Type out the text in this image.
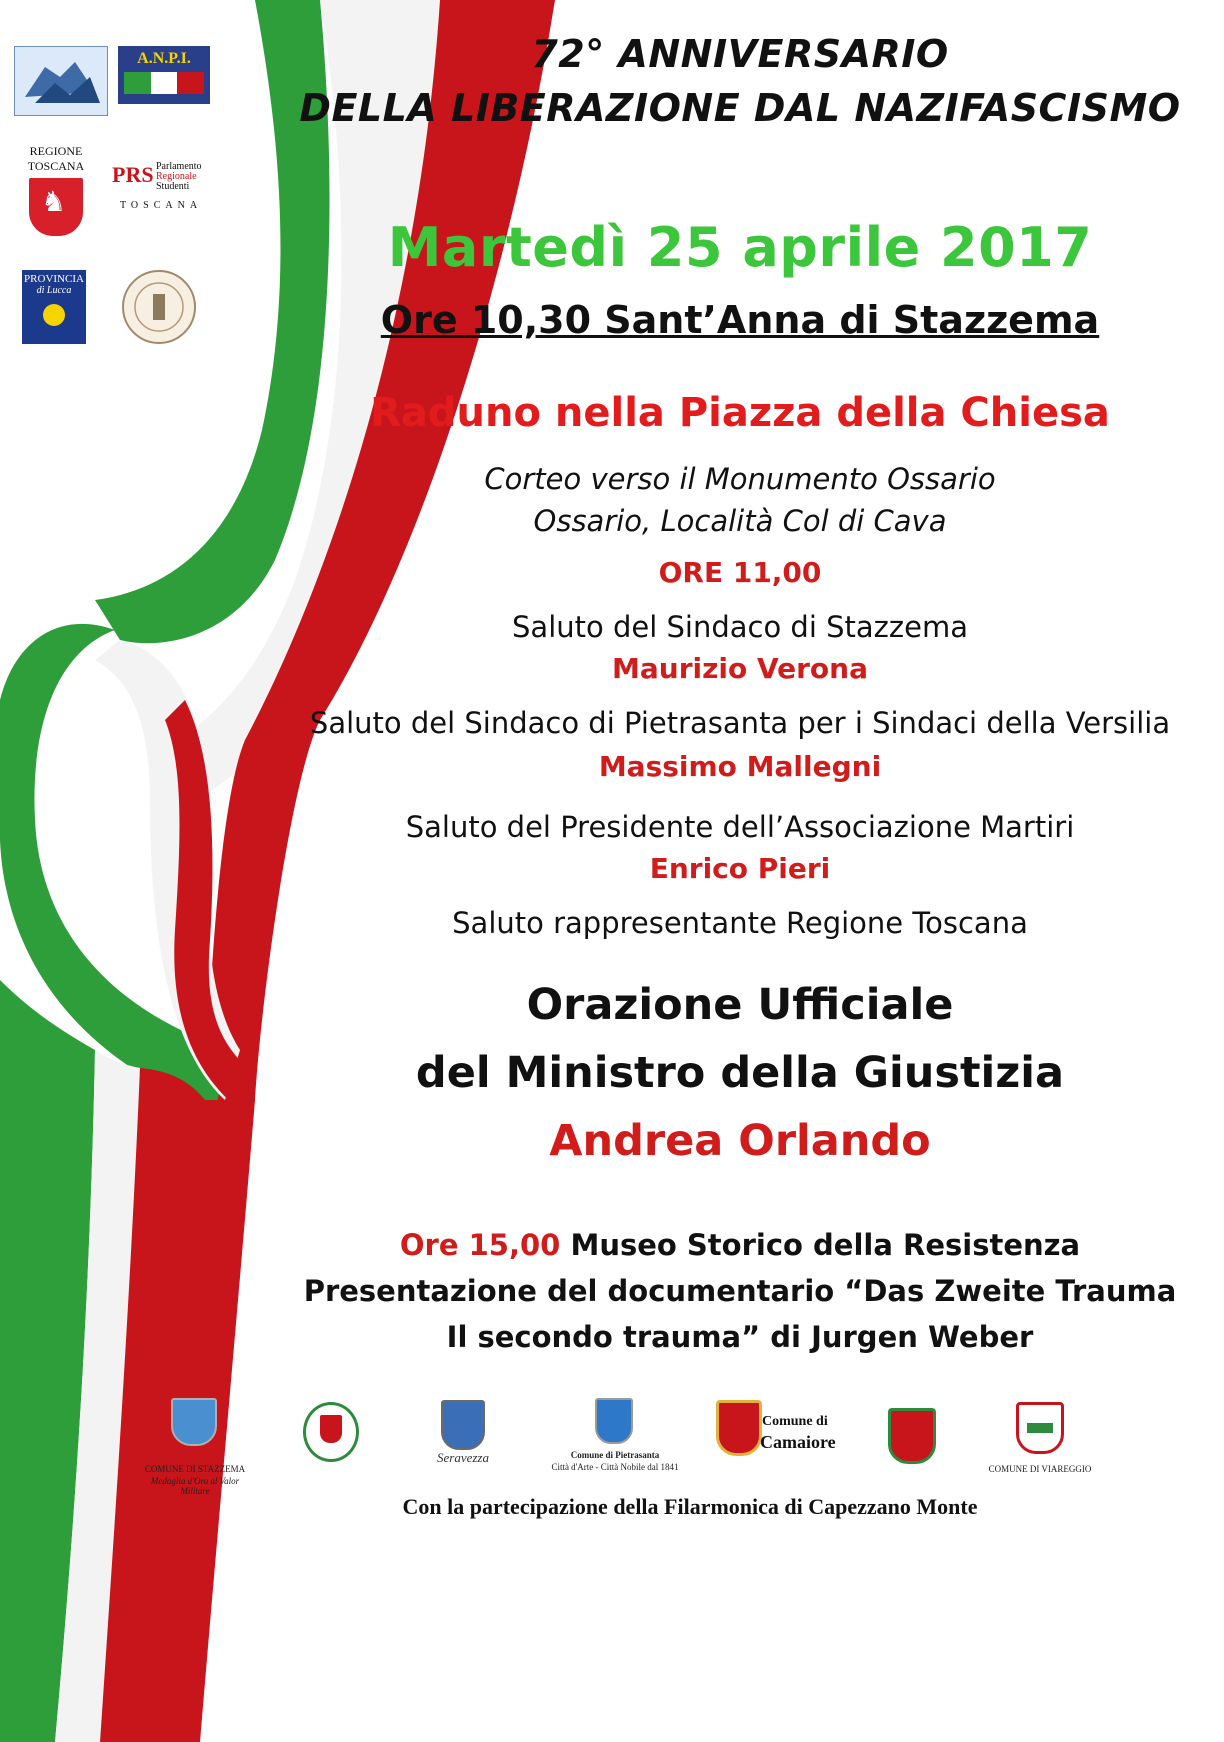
A.N.P.I.
REGIONE
TOSCANA
♞
PRS Parlamento
Regionale
Studenti
TOSCANA
PROVINCIA
di Lucca
72° ANNIVERSARIO
DELLA LIBERAZIONE DAL NAZIFASCISMO
Martedì 25 aprile 2017
Ore 10,30 Sant’Anna di Stazzema
Raduno nella Piazza della Chiesa
Corteo verso il Monumento Ossario
Ossario, Località Col di Cava
ORE 11,00
Saluto del Sindaco di Stazzema
Maurizio Verona
Saluto del Sindaco di Pietrasanta per i Sindaci della Versilia
Massimo Mallegni
Saluto del Presidente dell’Associazione Martiri
Enrico Pieri
Saluto rappresentante Regione Toscana
Orazione Ufficiale
del Ministro della Giustizia
Andrea Orlando
Ore 15,00 Museo Storico della Resistenza
Presentazione del documentario “Das Zweite Trauma
Il secondo trauma” di Jurgen Weber
COMUNE DI STAZZEMA
Medaglia d'Oro al Valor Militare
Seravezza	Comune di Pietrasanta
Città d'Arte - Città Nobile dal 1841
Comune di
Camaiore
COMUNE DI VIAREGGIO
Con la partecipazione della Filarmonica di Capezzano Monte
